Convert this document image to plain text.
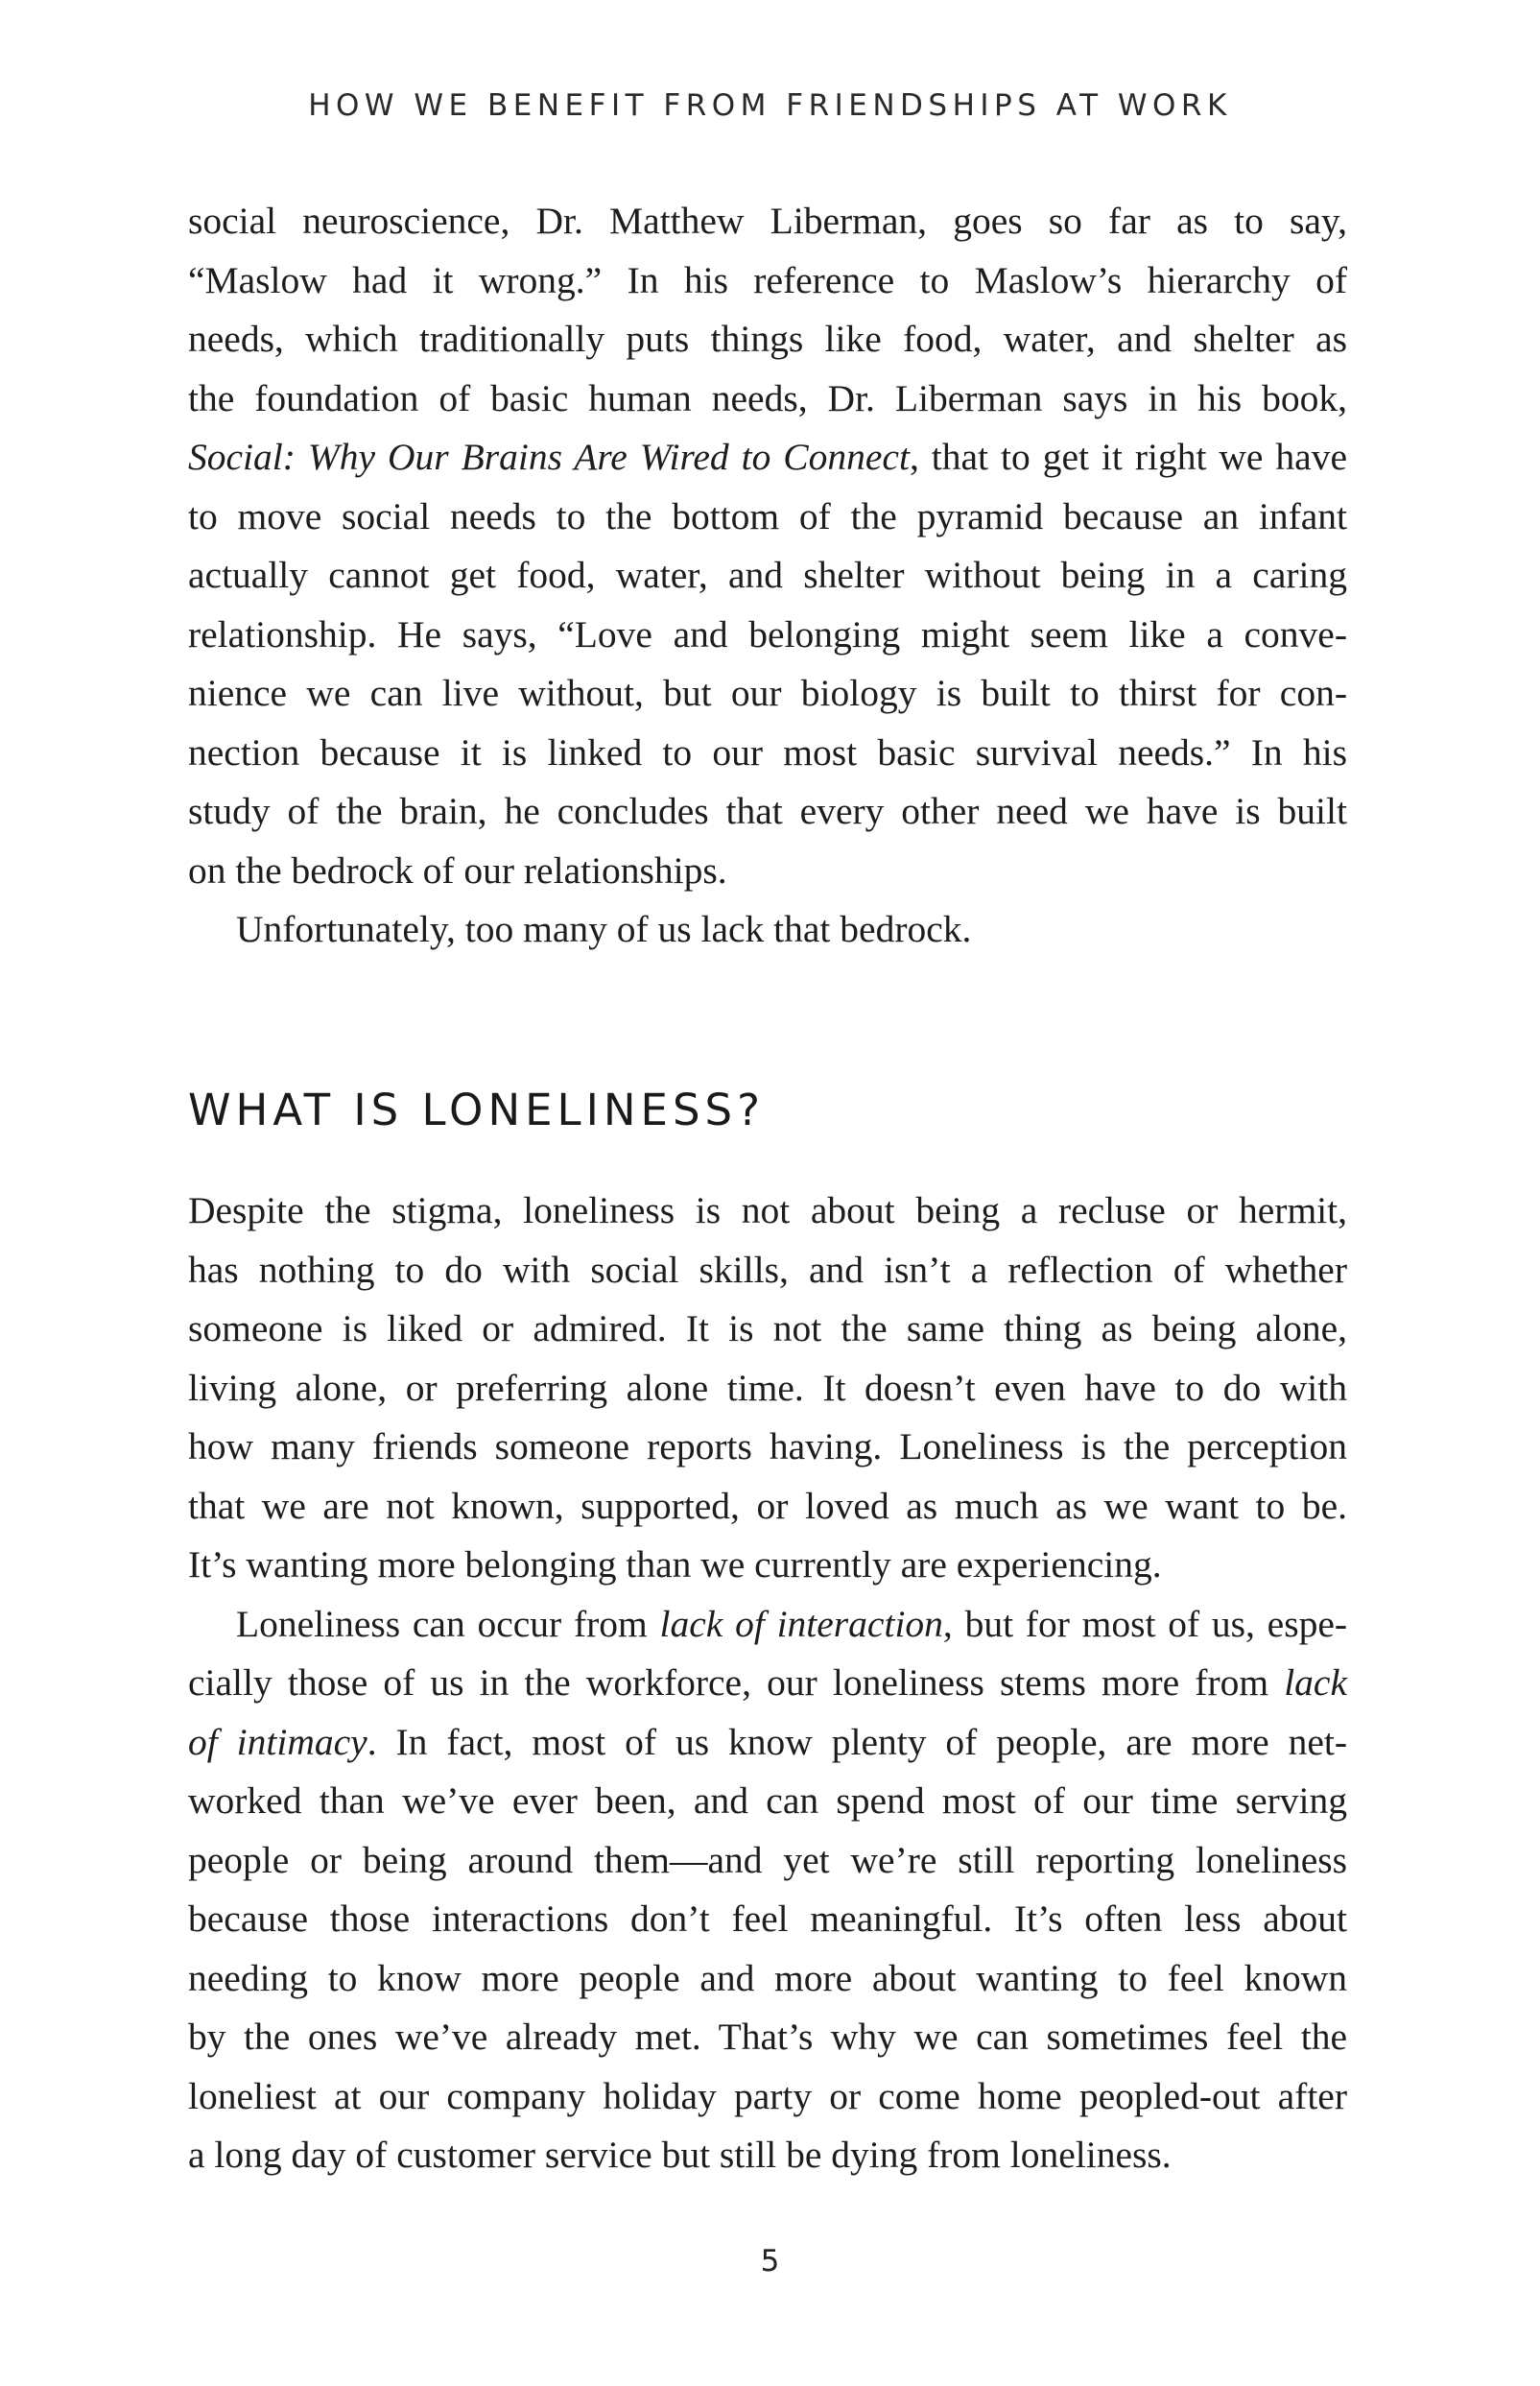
HOW WE BENEFIT FROM FRIENDSHIPS AT WORK
social neuroscience, Dr. Matthew Liberman, goes so far as to say,
“Maslow had it wrong.” In his reference to Maslow’s hierarchy of
needs, which traditionally puts things like food, water, and shelter as
the foundation of basic human needs, Dr. Liberman says in his book,
Social: Why Our Brains Are Wired to Connect, that to get it right we have
to move social needs to the bottom of the pyramid because an infant
actually cannot get food, water, and shelter without being in a caring
relationship. He says, “Love and belonging might seem like a conve-
nience we can live without, but our biology is built to thirst for con-
nection because it is linked to our most basic survival needs.” In his
study of the brain, he concludes that every other need we have is built
on the bedrock of our relationships.
Unfortunately, too many of us lack that bedrock.
WHAT IS LONELINESS?
Despite the stigma, loneliness is not about being a recluse or hermit,
has nothing to do with social skills, and isn’t a reflection of whether
someone is liked or admired. It is not the same thing as being alone,
living alone, or preferring alone time. It doesn’t even have to do with
how many friends someone reports having. Loneliness is the perception
that we are not known, supported, or loved as much as we want to be.
It’s wanting more belonging than we currently are experiencing.
Loneliness can occur from lack of interaction, but for most of us, espe-
cially those of us in the workforce, our loneliness stems more from lack
of intimacy. In fact, most of us know plenty of people, are more net-
worked than we’ve ever been, and can spend most of our time serving
people or being around them—and yet we’re still reporting loneliness
because those interactions don’t feel meaningful. It’s often less about
needing to know more people and more about wanting to feel known
by the ones we’ve already met. That’s why we can sometimes feel the
loneliest at our company holiday party or come home peopled-out after
a long day of customer service but still be dying from loneliness.
5
